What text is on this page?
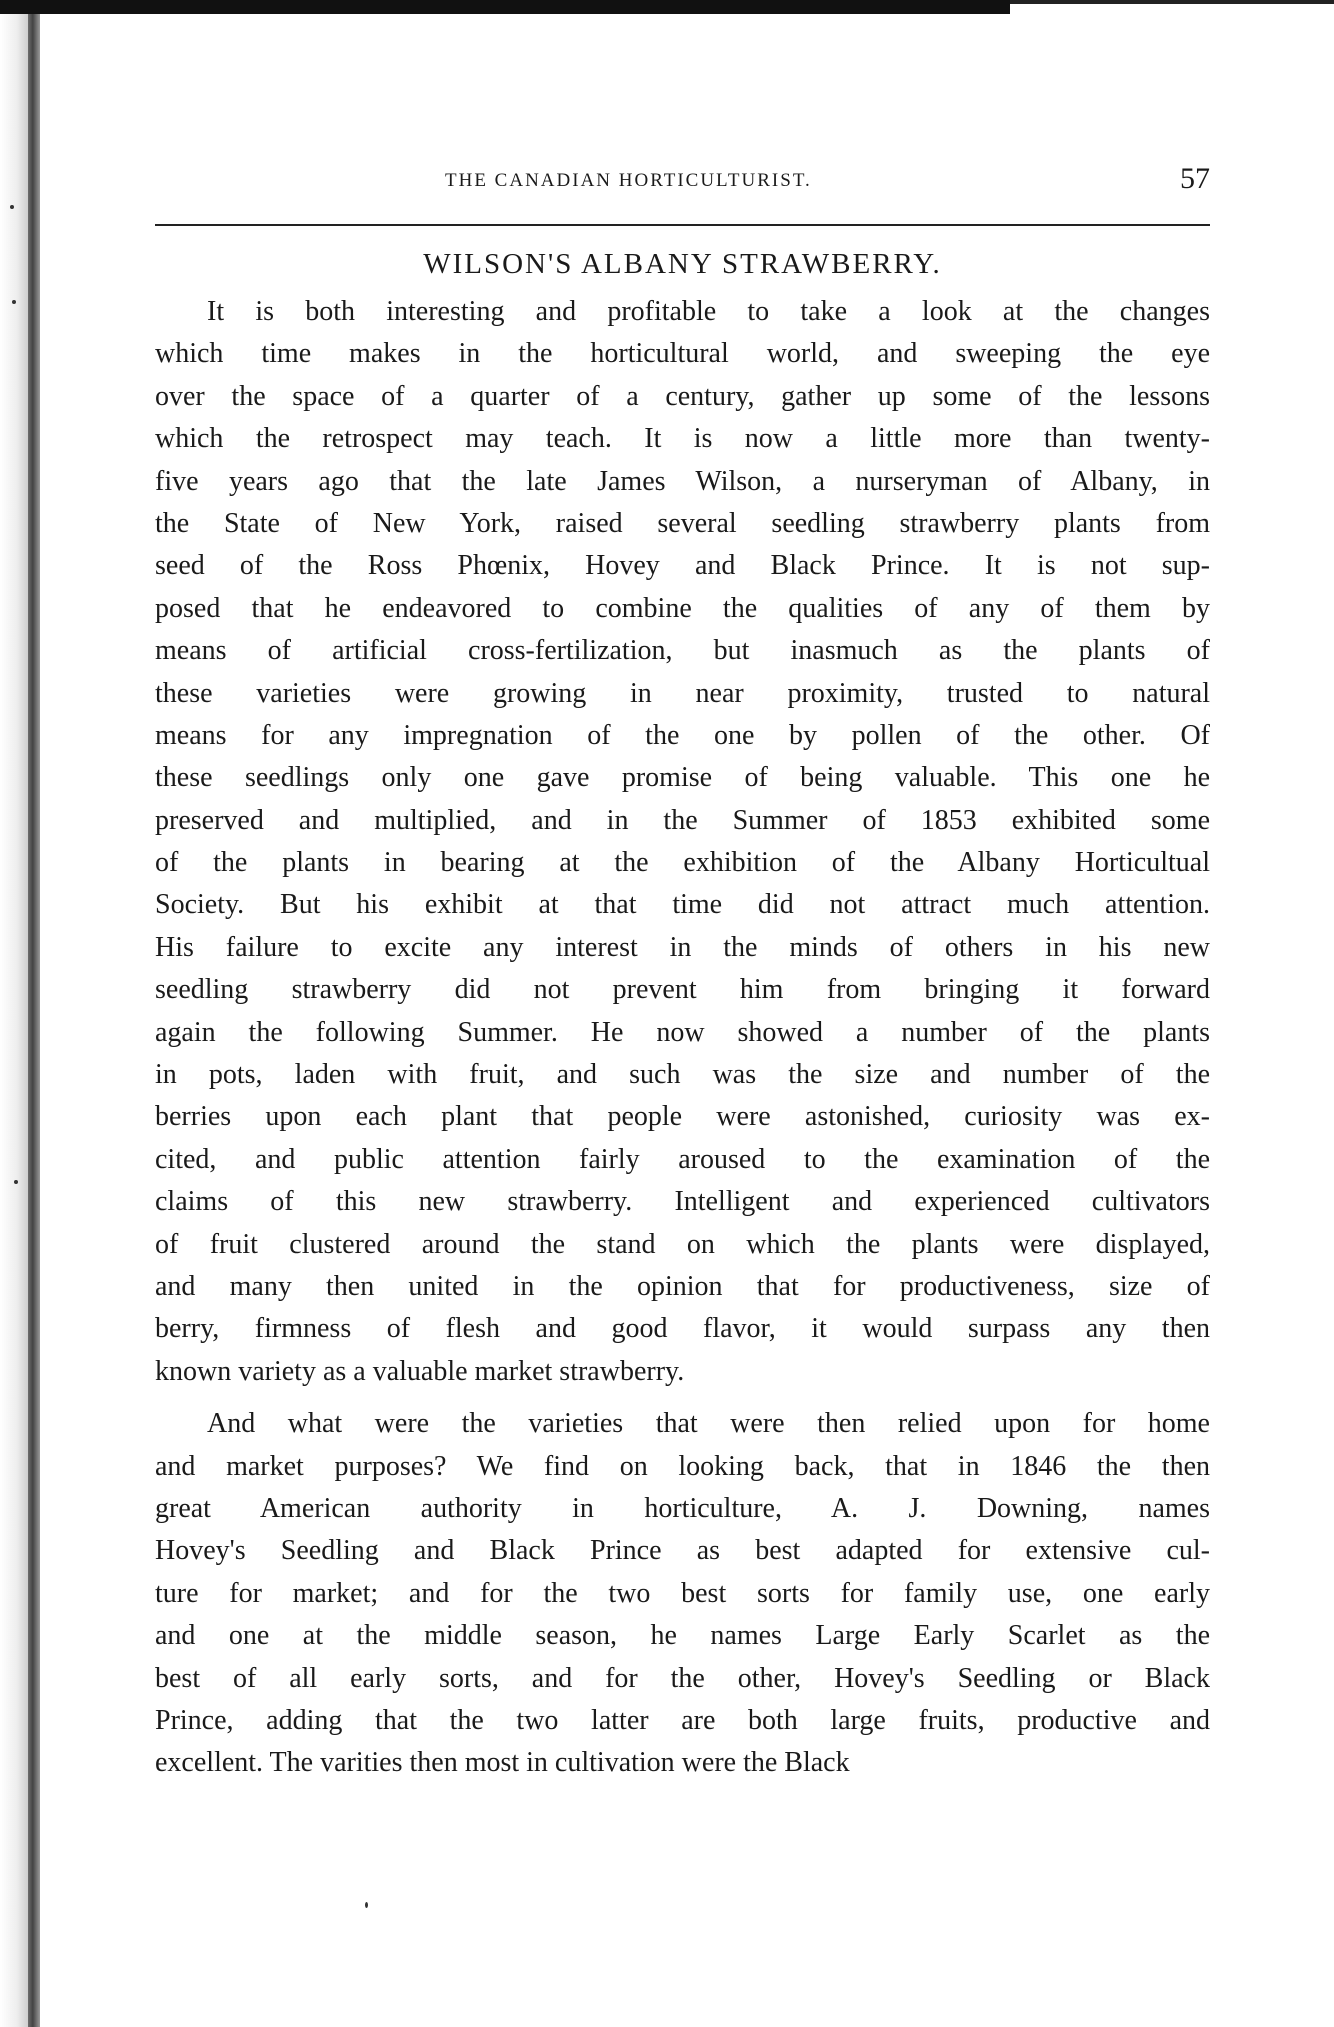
THE CANADIAN HORTICULTURIST.	57
WILSON'S ALBANY STRAWBERRY.
It is both interesting and profitable to take a look at the changes
which time makes in the horticultural world, and sweeping the eye
over the space of a quarter of a century, gather up some of the lessons
which the retrospect may teach. It is now a little more than twenty-
five years ago that the late James Wilson, a nurseryman of Albany, in
the State of New York, raised several seedling strawberry plants from
seed of the Ross Phœnix, Hovey and Black Prince. It is not sup-
posed that he endeavored to combine the qualities of any of them by
means of artificial cross-fertilization, but inasmuch as the plants of
these varieties were growing in near proximity, trusted to natural
means for any impregnation of the one by pollen of the other. Of
these seedlings only one gave promise of being valuable. This one he
preserved and multiplied, and in the Summer of 1853 exhibited some
of the plants in bearing at the exhibition of the Albany Horticultual
Society. But his exhibit at that time did not attract much attention.
His failure to excite any interest in the minds of others in his new
seedling strawberry did not prevent him from bringing it forward
again the following Summer. He now showed a number of the plants
in pots, laden with fruit, and such was the size and number of the
berries upon each plant that people were astonished, curiosity was ex-
cited, and public attention fairly aroused to the examination of the
claims of this new strawberry. Intelligent and experienced cultivators
of fruit clustered around the stand on which the plants were displayed,
and many then united in the opinion that for productiveness, size of
berry, firmness of flesh and good flavor, it would surpass any then
known variety as a valuable market strawberry.
And what were the varieties that were then relied upon for home
and market purposes? We find on looking back, that in 1846 the then
great American authority in horticulture, A. J. Downing, names
Hovey's Seedling and Black Prince as best adapted for extensive cul-
ture for market; and for the two best sorts for family use, one early
and one at the middle season, he names Large Early Scarlet as the
best of all early sorts, and for the other, Hovey's Seedling or Black
Prince, adding that the two latter are both large fruits, productive and
excellent. The varities then most in cultivation were the Black
